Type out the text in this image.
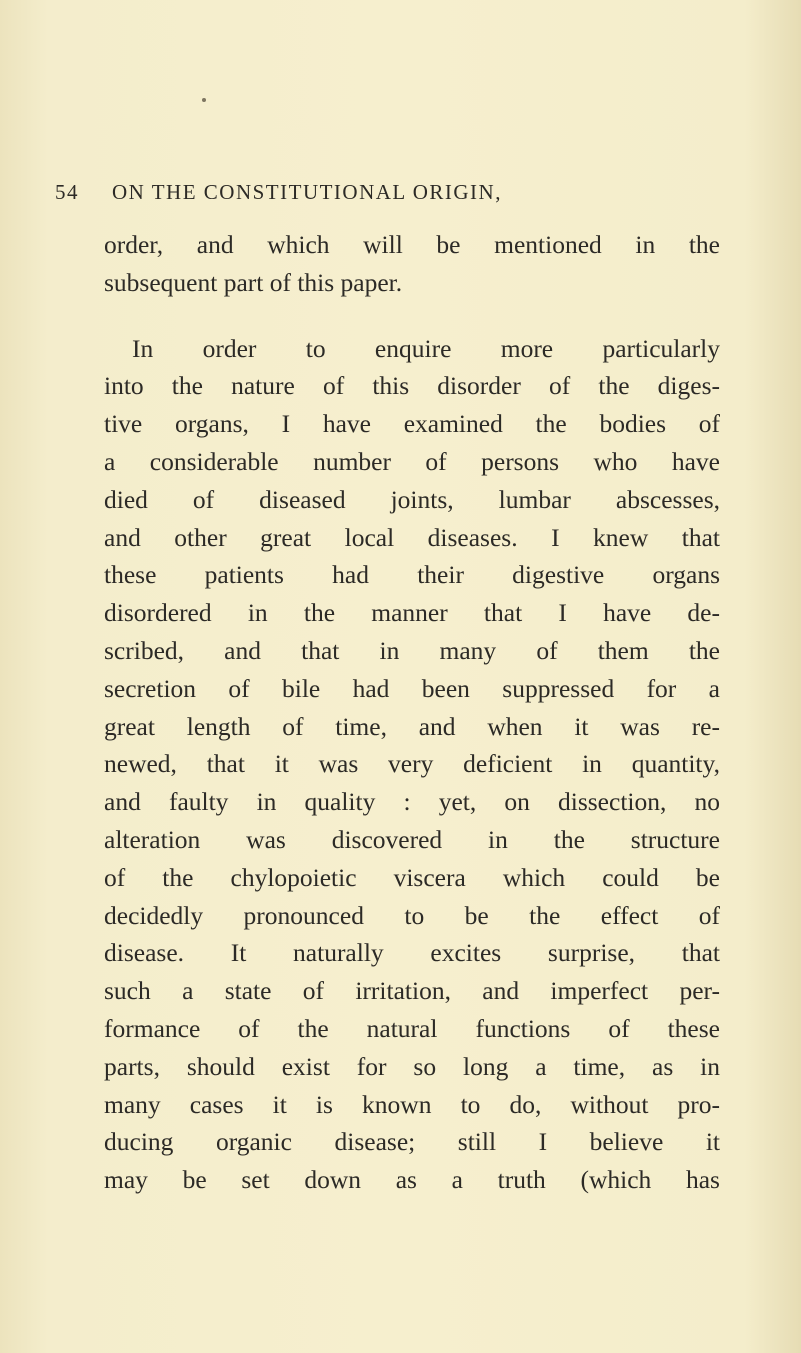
54 ON THE CONSTITUTIONAL ORIGIN,
order, and which will be mentioned in the
subsequent part of this paper.
In order to enquire more particularly
into the nature of this disorder of the diges-
tive organs, I have examined the bodies of
a considerable number of persons who have
died of diseased joints, lumbar abscesses,
and other great local diseases. I knew that
these patients had their digestive organs
disordered in the manner that I have de-
scribed, and that in many of them the
secretion of bile had been suppressed for a
great length of time, and when it was re-
newed, that it was very deficient in quantity,
and faulty in quality : yet, on dissection, no
alteration was discovered in the structure
of the chylopoietic viscera which could be
decidedly pronounced to be the effect of
disease. It naturally excites surprise, that
such a state of irritation, and imperfect per-
formance of the natural functions of these
parts, should exist for so long a time, as in
many cases it is known to do, without pro-
ducing organic disease; still I believe it
may be set down as a truth (which has
